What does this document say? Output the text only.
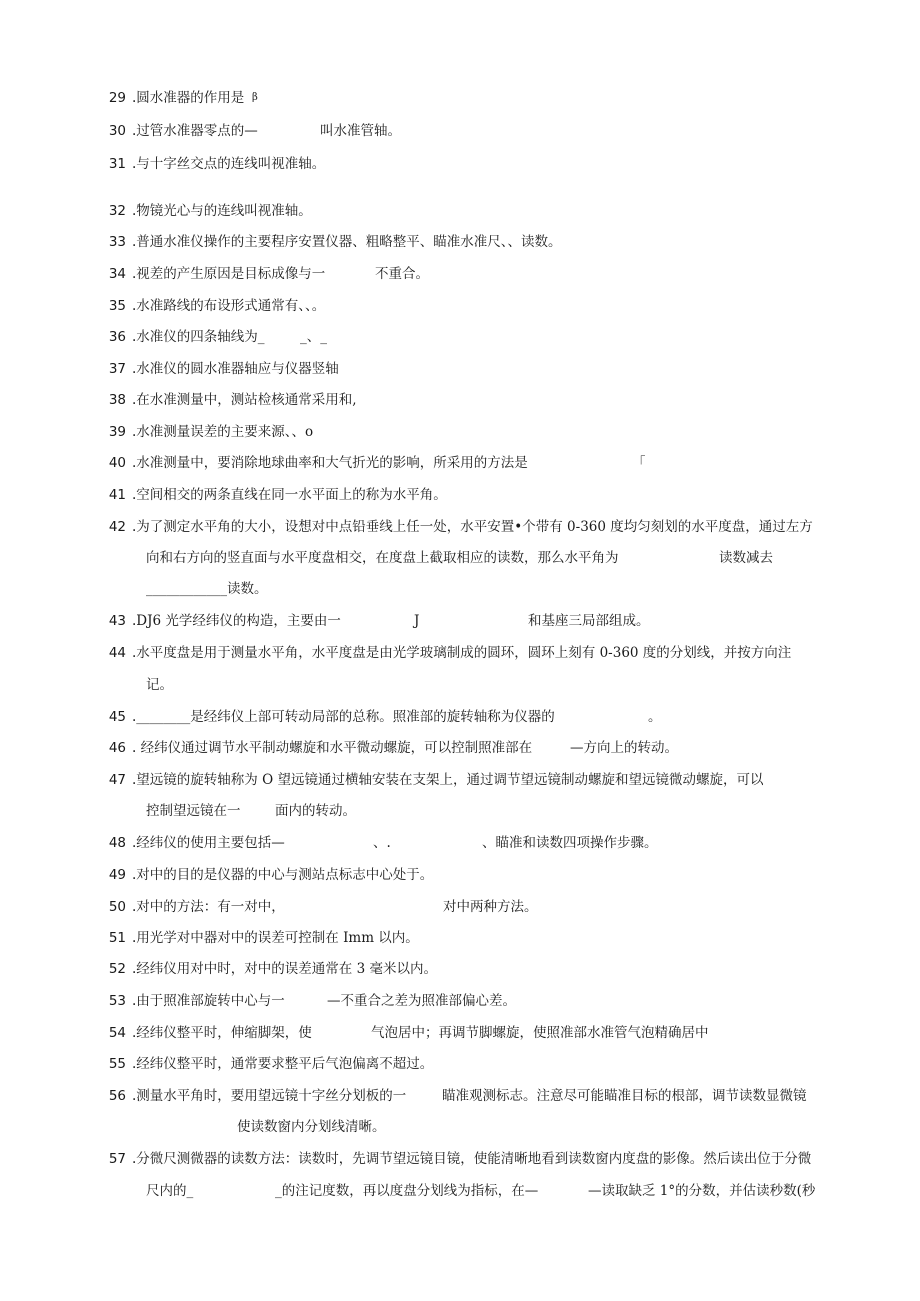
29 .圆水准器的作用是 β
30 .过管水准器零点的—	叫水准管轴。
31 .与十字丝交点的连线叫视准轴。
32 .物镜光心与的连线叫视准轴。
33 .普通水准仪操作的主要程序安置仪器、粗略整平、瞄准水准尺、、读数。
34 .视差的产生原因是目标成像与一	不重合。
35 .水准路线的布设形式通常有、、。
36 .水准仪的四条轴线为_	_、_
37 .水准仪的圆水准器轴应与仪器竖轴
38 .在水准测量中，测站检核通常采用和,
39 .水准测量误差的主要来源、、o
40 .水准测量中，要消除地球曲率和大气折光的影响，所采用的方法是	「
41 .空间相交的两条直线在同一水平面上的称为水平角。
42 .为了测定水平角的大小，设想对中点铅垂线上任一处，水平安置•个带有 0-360 度均匀刻划的水平度盘，通过左方
向和右方向的竖直面与水平度盘相交，在度盘上截取相应的读数，那么水平角为	读数减去
____________读数。
43 .DJ6 光学经纬仪的构造，主要由一	J	和基座三局部组成。
44 .水平度盘是用于测量水平角，水平度盘是由光学玻璃制成的圆环，圆环上刻有 0-360 度的分划线，并按方向注
记。
45 .________是经纬仪上部可转动局部的总称。照准部的旋转轴称为仪器的	。
46 . 经纬仪通过调节水平制动螺旋和水平微动螺旋，可以控制照准部在	—方向上的转动。
47 .望远镜的旋转轴称为 O 望远镜通过横轴安装在支架上，通过调节望远镜制动螺旋和望远镜微动螺旋，可以
控制望远镜在一	面内的转动。
48 .经纬仪的使用主要包括—	、.	、瞄准和读数四项操作步骤。
49 .对中的目的是仪器的中心与测站点标志中心处于。
50 .对中的方法：有一对中，	对中两种方法。
51 .用光学对中器对中的误差可控制在 Imm 以内。
52 .经纬仪用对中时，对中的误差通常在 3 毫米以内。
53 .由于照准部旋转中心与一	—不重合之差为照准部偏心差。
54 .经纬仪整平时，伸缩脚架，使	气泡居中；再调节脚螺旋，使照准部水准管气泡精确居中
55 .经纬仪整平时，通常要求整平后气泡偏离不超过。
56 .测量水平角时，要用望远镜十字丝分划板的一	瞄准观测标志。注意尽可能瞄准目标的根部，调节读数显微镜
使读数窗内分划线清晰。
57 .分微尺测微器的读数方法：读数时，先调节望远镜目镜，使能清晰地看到读数窗内度盘的影像。然后读出位于分微
尺内的_	_的注记度数，再以度盘分划线为指标，在—	—读取缺乏 1°的分数，并估读秒数(秒
